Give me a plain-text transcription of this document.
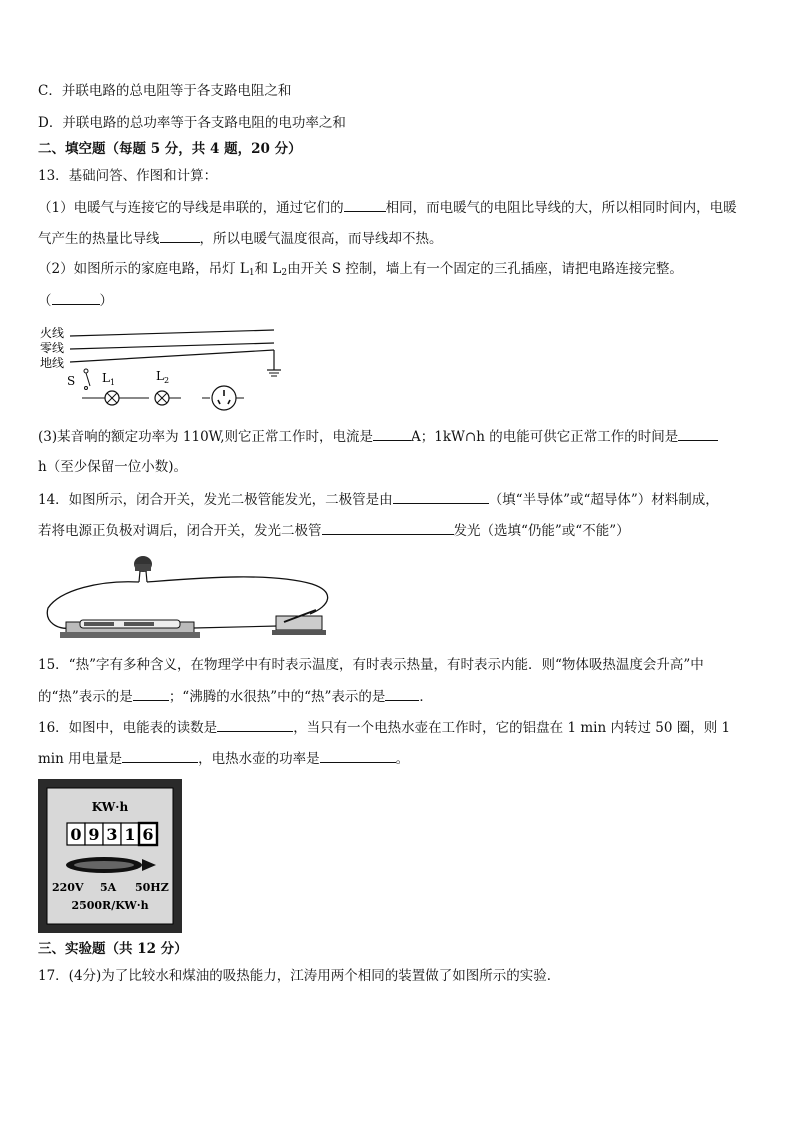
C．并联电路的总电阻等于各支路电阻之和
D．并联电路的总功率等于各支路电阻的电功率之和
二、填空题（每题 5 分，共 4 题，20 分）
13．基础问答、作图和计算：
（1）电暖气与连接它的导线是串联的，通过它们的	相同，而电暖气的电阻比导线的大，所以相同时间内，电暖
气产生的热量比导线	，所以电暖气温度很高，而导线却不热。
（2）如图所示的家庭电路，吊灯 $L_1$和 $L_2$由开关 S 控制，墙上有一个固定的三孔插座，请把电路连接完整。
（	）
火线
零线
地线
S $L_1$	$L_2$
(3)某音响的额定功率为 110W,则它正常工作时，电流是	A；1kW∩h 的电能可供它正常工作的时间是
h（至少保留一位小数)。
14．如图所示，闭合开关，发光二极管能发光，二极管是由	（填“半导体”或“超导体”）材料制成，
若将电源正负极对调后，闭合开关，发光二极管	发光（选填“仍能”或“不能”）
15．“热”字有多种含义，在物理学中有时表示温度，有时表示热量，有时表示内能．则“物体吸热温度会升高”中
的“热”表示的是	；“沸腾的水很热”中的“热”表示的是	．
16．如图中，电能表的读数是	，当只有一个电热水壶在工作时，它的铝盘在 1 min 内转过 50 圈，则 1
min 用电量是	，电热水壶的功率是	。
KW·h
0 9 3 1 6
220V 5A 50HZ
2500R/KW·h
三、实验题（共 12 分）
17．(4分)为了比较水和煤油的吸热能力，江涛用两个相同的装置做了如图所示的实验．
